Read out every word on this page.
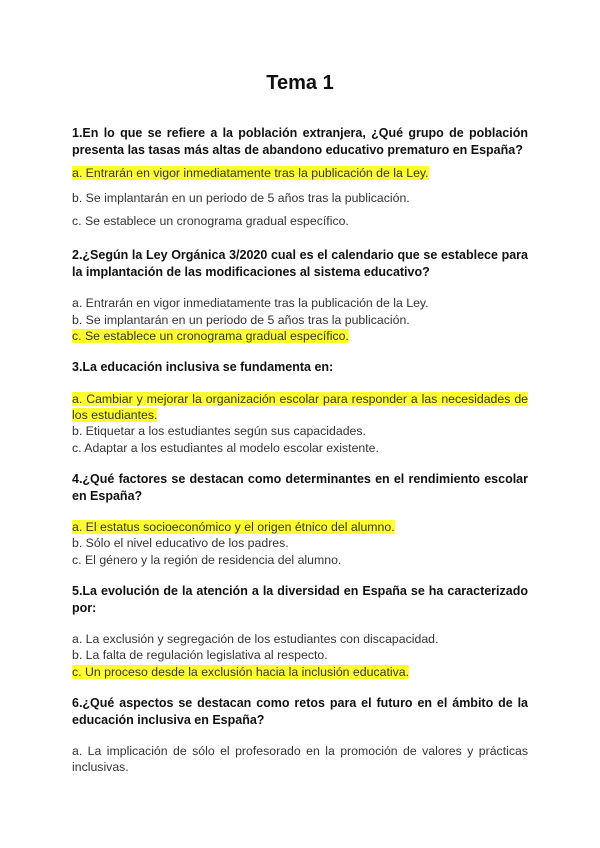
Tema 1
1.En lo que se refiere a la población extranjera, ¿Qué grupo de población presenta las tasas más altas de abandono educativo prematuro en España?
a. Entrarán en vigor inmediatamente tras la publicación de la Ley.
b. Se implantarán en un periodo de 5 años tras la publicación.
c. Se establece un cronograma gradual específico.
2.¿Según la Ley Orgánica 3/2020 cual es el calendario que se establece para la implantación de las modificaciones al sistema educativo?
a. Entrarán en vigor inmediatamente tras la publicación de la Ley.
b. Se implantarán en un periodo de 5 años tras la publicación.
c. Se establece un cronograma gradual específico.
3.La educación inclusiva se fundamenta en:
a. Cambiar y mejorar la organización escolar para responder a las necesidades de los estudiantes.
b. Etiquetar a los estudiantes según sus capacidades.
c. Adaptar a los estudiantes al modelo escolar existente.
4.¿Qué factores se destacan como determinantes en el rendimiento escolar en España?
a. El estatus socioeconómico y el origen étnico del alumno.
b. Sólo el nivel educativo de los padres.
c. El género y la región de residencia del alumno.
5.La evolución de la atención a la diversidad en España se ha caracterizado por:
a. La exclusión y segregación de los estudiantes con discapacidad.
b. La falta de regulación legislativa al respecto.
c. Un proceso desde la exclusión hacia la inclusión educativa.
6.¿Qué aspectos se destacan como retos para el futuro en el ámbito de la educación inclusiva en España?
a. La implicación de sólo el profesorado en la promoción de valores y prácticas inclusivas.
